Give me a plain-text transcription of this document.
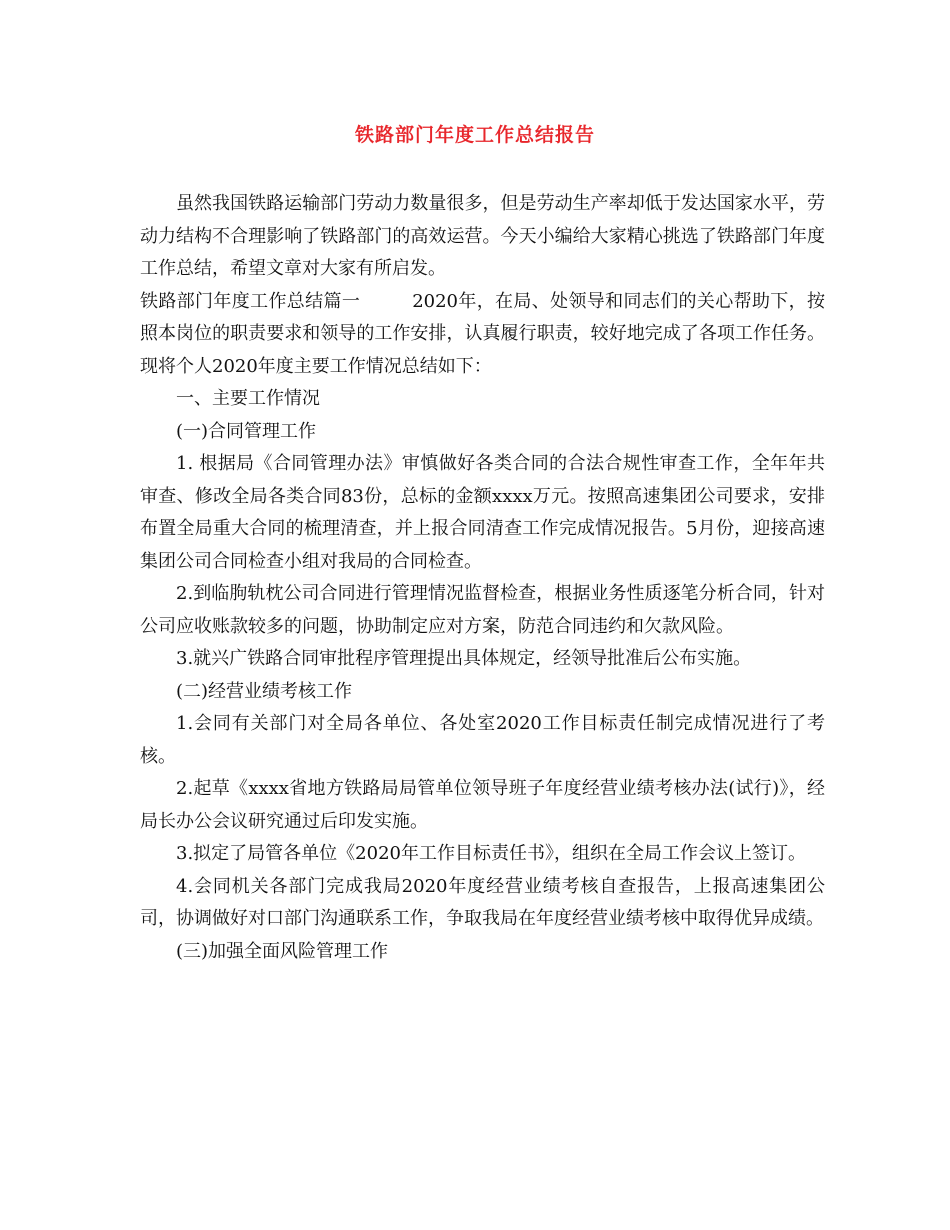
铁路部门年度工作总结报告

虽然我国铁路运输部门劳动力数量很多，但是劳动生产率却低于发达国家水平，劳动力结构不合理影响了铁路部门的高效运营。今天小编给大家精心挑选了铁路部门年度工作总结，希望文章对大家有所启发。

铁路部门年度工作总结篇一	2020年，在局、处领导和同志们的关心帮助下，按照本岗位的职责要求和领导的工作安排，认真履行职责，较好地完成了各项工作任务。现将个人2020年度主要工作情况总结如下：

一、主要工作情况

(一)合同管理工作

1. 根据局《合同管理办法》审慎做好各类合同的合法合规性审查工作，全年年共审查、修改全局各类合同83份，总标的金额xxxx万元。按照高速集团公司要求，安排布置全局重大合同的梳理清查，并上报合同清查工作完成情况报告。5月份，迎接高速集团公司合同检查小组对我局的合同检查。

2.到临朐轨枕公司合同进行管理情况监督检查，根据业务性质逐笔分析合同，针对公司应收账款较多的问题，协助制定应对方案，防范合同违约和欠款风险。

3.就兴广铁路合同审批程序管理提出具体规定，经领导批准后公布实施。

(二)经营业绩考核工作

1.会同有关部门对全局各单位、各处室2020工作目标责任制完成情况进行了考核。

2.起草《xxxx省地方铁路局局管单位领导班子年度经营业绩考核办法(试行)》，经局长办公会议研究通过后印发实施。

3.拟定了局管各单位《2020年工作目标责任书》，组织在全局工作会议上签订。

4.会同机关各部门完成我局2020年度经营业绩考核自查报告，上报高速集团公司，协调做好对口部门沟通联系工作，争取我局在年度经营业绩考核中取得优异成绩。

(三)加强全面风险管理工作
